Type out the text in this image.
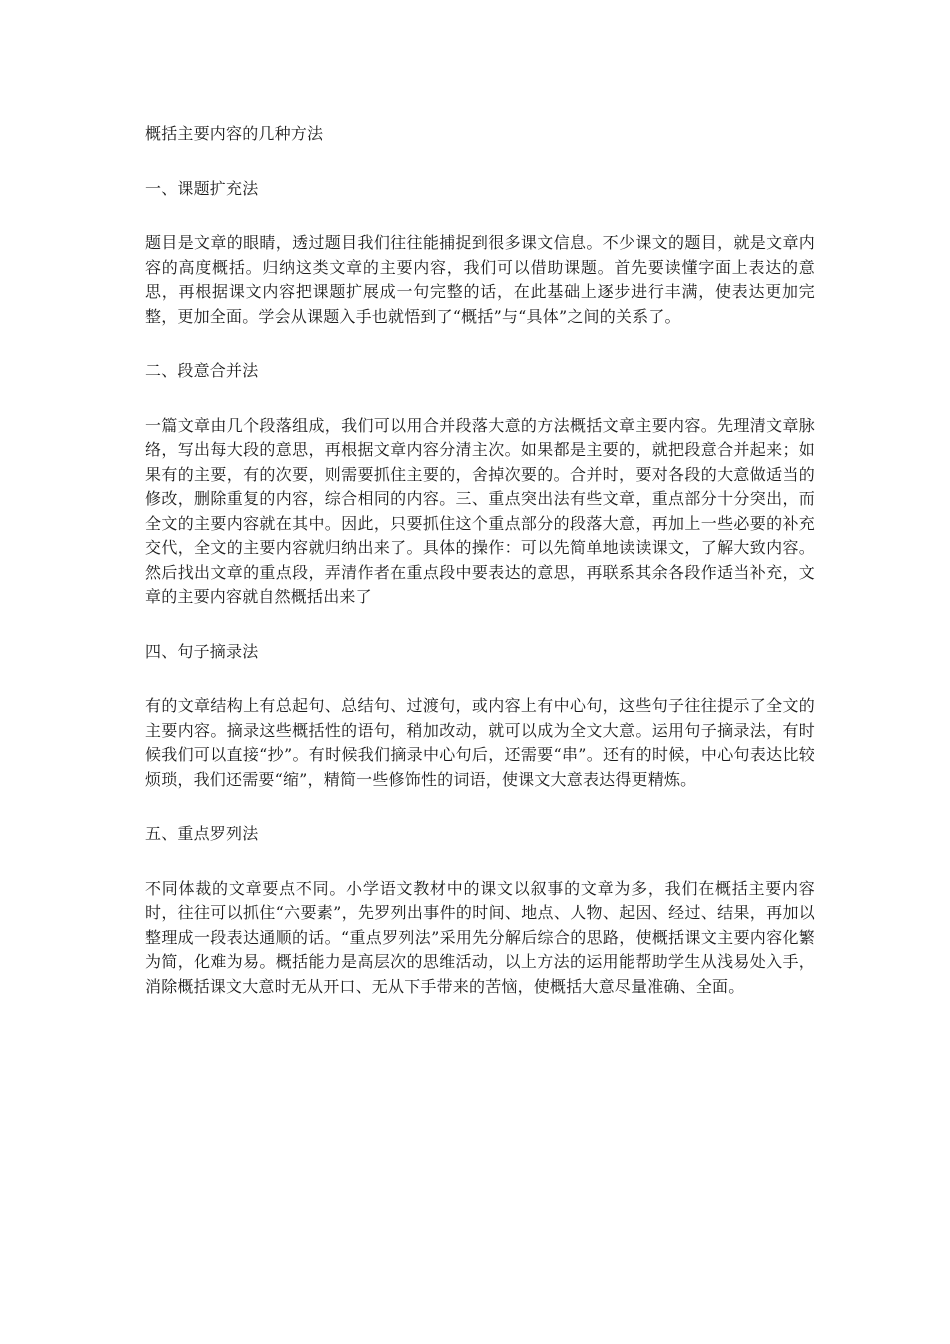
概括主要内容的几种方法

一、课题扩充法

题目是文章的眼睛，透过题目我们往往能捕捉到很多课文信息。不少课文的题目，就是文章内容的高度概括。归纳这类文章的主要内容，我们可以借助课题。首先要读懂字面上表达的意思，再根据课文内容把课题扩展成一句完整的话，在此基础上逐步进行丰满，使表达更加完整，更加全面。学会从课题入手也就悟到了“概括”与“具体”之间的关系了。

二、段意合并法

一篇文章由几个段落组成，我们可以用合并段落大意的方法概括文章主要内容。先理清文章脉络，写出每大段的意思，再根据文章内容分清主次。如果都是主要的，就把段意合并起来；如果有的主要，有的次要，则需要抓住主要的，舍掉次要的。合并时，要对各段的大意做适当的修改，删除重复的内容，综合相同的内容。三、重点突出法有些文章，重点部分十分突出，而全文的主要内容就在其中。因此，只要抓住这个重点部分的段落大意，再加上一些必要的补充交代，全文的主要内容就归纳出来了。具体的操作：可以先简单地读读课文，了解大致内容。然后找出文章的重点段，弄清作者在重点段中要表达的意思，再联系其余各段作适当补充，文章的主要内容就自然概括出来了

四、句子摘录法

有的文章结构上有总起句、总结句、过渡句，或内容上有中心句，这些句子往往提示了全文的主要内容。摘录这些概括性的语句，稍加改动，就可以成为全文大意。运用句子摘录法，有时候我们可以直接“抄”。有时候我们摘录中心句后，还需要“串”。还有的时候，中心句表达比较烦琐，我们还需要“缩”，精简一些修饰性的词语，使课文大意表达得更精炼。

五、重点罗列法

不同体裁的文章要点不同。小学语文教材中的课文以叙事的文章为多，我们在概括主要内容时，往往可以抓住“六要素”，先罗列出事件的时间、地点、人物、起因、经过、结果，再加以整理成一段表达通顺的话。“重点罗列法”采用先分解后综合的思路，使概括课文主要内容化繁为简，化难为易。概括能力是高层次的思维活动，以上方法的运用能帮助学生从浅易处入手，消除概括课文大意时无从开口、无从下手带来的苦恼，使概括大意尽量准确、全面。
